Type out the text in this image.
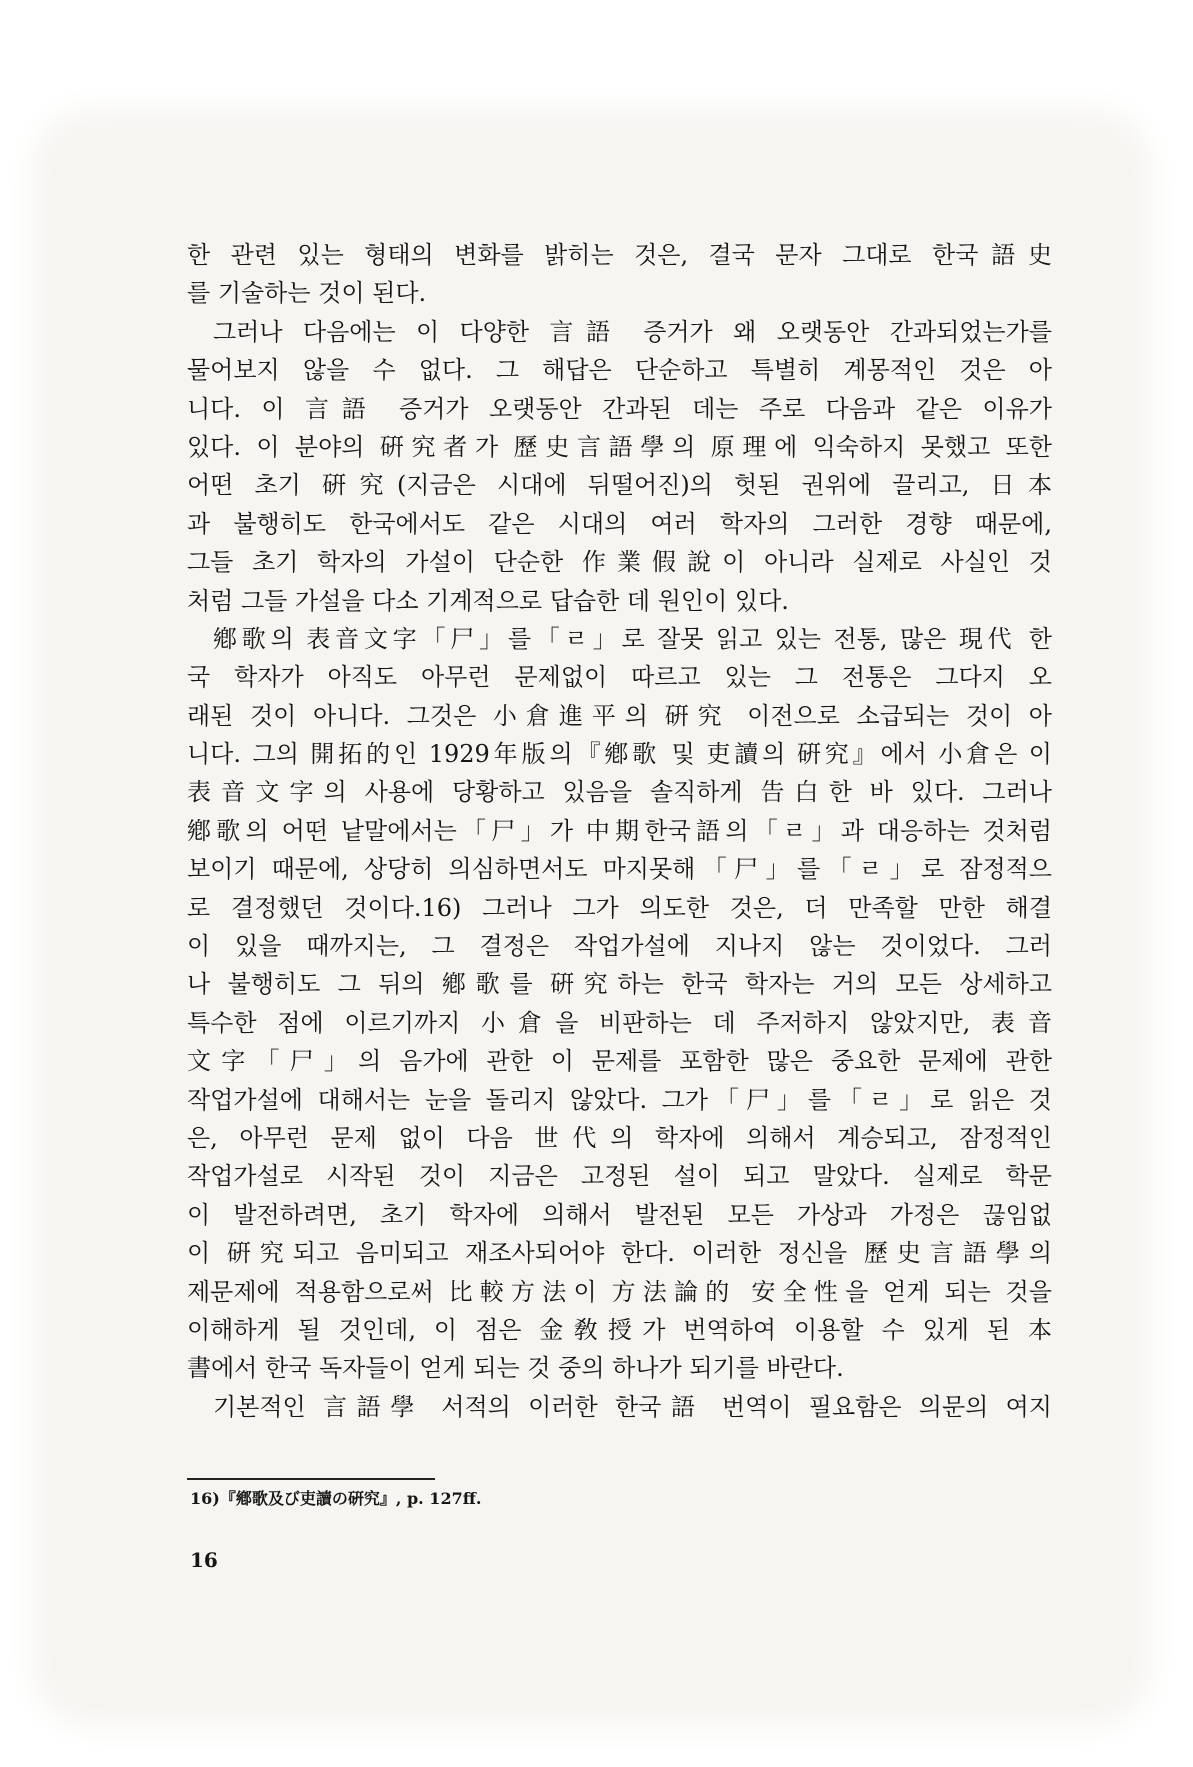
한 관련 있는 형태의 변화를 밝히는 것은, 결국 문자 그대로 한국語史
를 기술하는 것이 된다.
그러나 다음에는 이 다양한 言語 증거가 왜 오랫동안 간과되었는가를
물어보지 않을 수 없다. 그 해답은 단순하고 특별히 계몽적인 것은 아
니다. 이 言語 증거가 오랫동안 간과된 데는 주로 다음과 같은 이유가
있다. 이 분야의 硏究者가 歷史言語學의 原理에 익숙하지 못했고 또한
어떤 초기 硏究(지금은 시대에 뒤떨어진)의 헛된 권위에 끌리고, 日本
과 불행히도 한국에서도 같은 시대의 여러 학자의 그러한 경향 때문에,
그들 초기 학자의 가설이 단순한 作業假說이 아니라 실제로 사실인 것
처럼 그들 가설을 다소 기계적으로 답습한 데 원인이 있다.
鄕歌의 表音文字「尸」를「ㄹ」로 잘못 읽고 있는 전통, 많은 現代 한
국 학자가 아직도 아무런 문제없이 따르고 있는 그 전통은 그다지 오
래된 것이 아니다. 그것은 小倉進平의 硏究 이전으로 소급되는 것이 아
니다. 그의 開拓的인 1929年版의『鄕歌 및 吏讀의 硏究』에서 小倉은 이
表音文字의 사용에 당황하고 있음을 솔직하게 告白한 바 있다. 그러나
鄕歌의 어떤 낱말에서는「尸」가 中期한국語의「ㄹ」과 대응하는 것처럼
보이기 때문에, 상당히 의심하면서도 마지못해「尸」를「ㄹ」로 잠정적으
로 결정했던 것이다.16) 그러나 그가 의도한 것은, 더 만족할 만한 해결
이 있을 때까지는, 그 결정은 작업가설에 지나지 않는 것이었다. 그러
나 불행히도 그 뒤의 鄕歌를 硏究하는 한국 학자는 거의 모든 상세하고
특수한 점에 이르기까지 小倉을 비판하는 데 주저하지 않았지만, 表音
文字「尸」의 음가에 관한 이 문제를 포함한 많은 중요한 문제에 관한
작업가설에 대해서는 눈을 돌리지 않았다. 그가「尸」를「ㄹ」로 읽은 것
은, 아무런 문제 없이 다음 世代의 학자에 의해서 계승되고, 잠정적인
작업가설로 시작된 것이 지금은 고정된 설이 되고 말았다. 실제로 학문
이 발전하려면, 초기 학자에 의해서 발전된 모든 가상과 가정은 끊임없
이 硏究되고 음미되고 재조사되어야 한다. 이러한 정신을 歷史言語學의
제문제에 적용함으로써 比較方法이 方法論的 安全性을 얻게 되는 것을
이해하게 될 것인데, 이 점은 金敎授가 번역하여 이용할 수 있게 된 本
書에서 한국 독자들이 얻게 되는 것 중의 하나가 되기를 바란다.
기본적인 言語學 서적의 이러한 한국語 번역이 필요함은 의문의 여지
16)『鄕歌及び吏讀の硏究』, p. 127ff.
16
